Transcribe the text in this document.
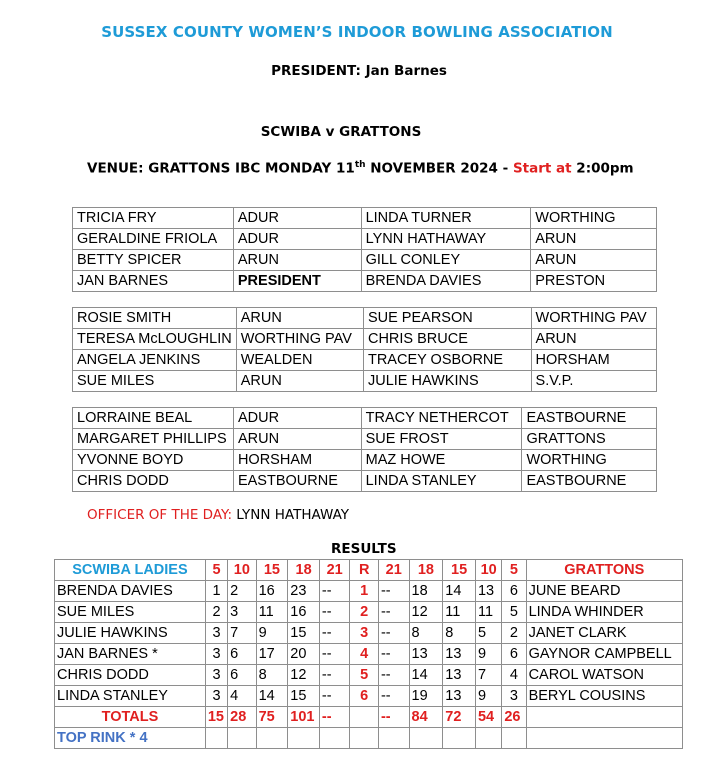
SUSSEX COUNTY WOMEN’S INDOOR BOWLING ASSOCIATION
PRESIDENT: Jan Barnes
SCWIBA v GRATTONS
VENUE: GRATTONS IBC MONDAY 11th NOVEMBER 2024 - Start at 2:00pm
TRICIA FRY	ADUR	LINDA TURNER	WORTHING
GERALDINE FRIOLA	ADUR	LYNN HATHAWAY	ARUN
BETTY SPICER	ARUN	GILL CONLEY	ARUN
JAN BARNES	PRESIDENT	BRENDA DAVIES	PRESTON
ROSIE SMITH	ARUN	SUE PEARSON	WORTHING PAV
TERESA McLOUGHLIN	WORTHING PAV	CHRIS BRUCE	ARUN
ANGELA JENKINS	WEALDEN	TRACEY OSBORNE	HORSHAM
SUE MILES	ARUN	JULIE HAWKINS	S.V.P.
LORRAINE BEAL	ADUR	TRACY NETHERCOT	EASTBOURNE
MARGARET PHILLIPS	ARUN	SUE FROST	GRATTONS
YVONNE BOYD	HORSHAM	MAZ HOWE	WORTHING
CHRIS DODD	EASTBOURNE	LINDA STANLEY	EASTBOURNE
OFFICER OF THE DAY: LYNN HATHAWAY
RESULTS
SCWIBA LADIES	5	10	15	18	21	R	21	18	15	10	5	GRATTONS
BRENDA DAVIES	1	2	16	23	--	1	--	18	14	13	6	JUNE BEARD
SUE MILES	2	3	11	16	--	2	--	12	11	11	5	LINDA WHINDER
JULIE HAWKINS	3	7	9	15	--	3	--	8	8	5	2	JANET CLARK
JAN BARNES *	3	6	17	20	--	4	--	13	13	9	6	GAYNOR CAMPBELL
CHRIS DODD	3	6	8	12	--	5	--	14	13	7	4	CAROL WATSON
LINDA STANLEY	3	4	14	15	--	6	--	19	13	9	3	BERYL COUSINS
TOTALS	15	28	75	101	--		--	84	72	54	26	
TOP RINK * 4												
